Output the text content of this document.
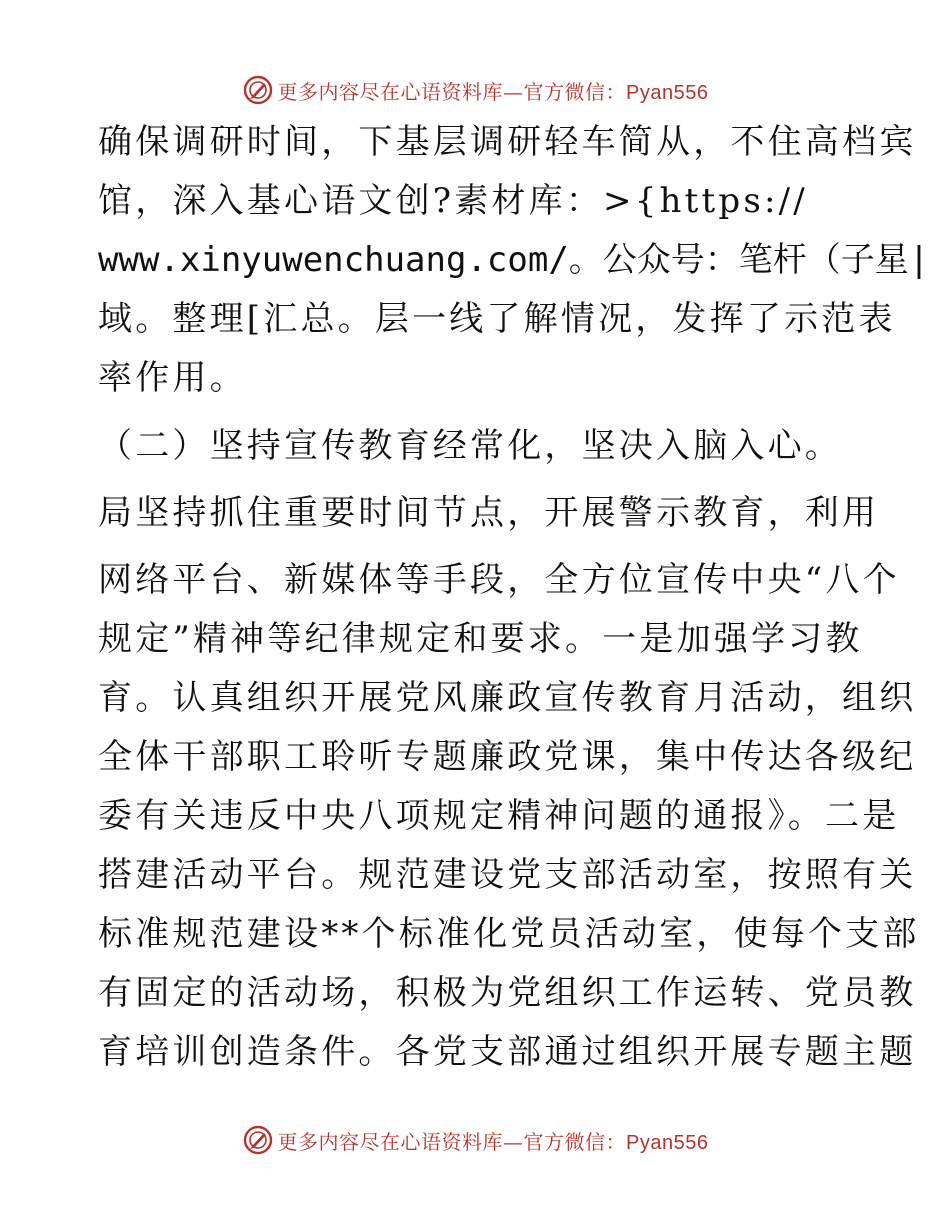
更多内容尽在心语资料库—官方微信：Pyan556
确保调研时间，下基层调研轻车简从，不住高档宾
馆，深入基心语文创?素材库：>{https://
www.xinyuwenchuang.com/。公众号：笔杆（子星|
域。整理[汇总。层一线了解情况，发挥了示范表
率作用。
（二）坚持宣传教育经常化，坚决入脑入心。
局坚持抓住重要时间节点，开展警示教育，利用
网络平台、新媒体等手段，全方位宣传中央“八个
规定”精神等纪律规定和要求。一是加强学习教
育。认真组织开展党风廉政宣传教育月活动，组织
全体干部职工聆听专题廉政党课，集中传达各级纪
委有关违反中央八项规定精神问题的通报》。二是
搭建活动平台。规范建设党支部活动室，按照有关
标准规范建设**个标准化党员活动室，使每个支部
有固定的活动场，积极为党组织工作运转、党员教
育培训创造条件。各党支部通过组织开展专题主题
更多内容尽在心语资料库—官方微信：Pyan556
